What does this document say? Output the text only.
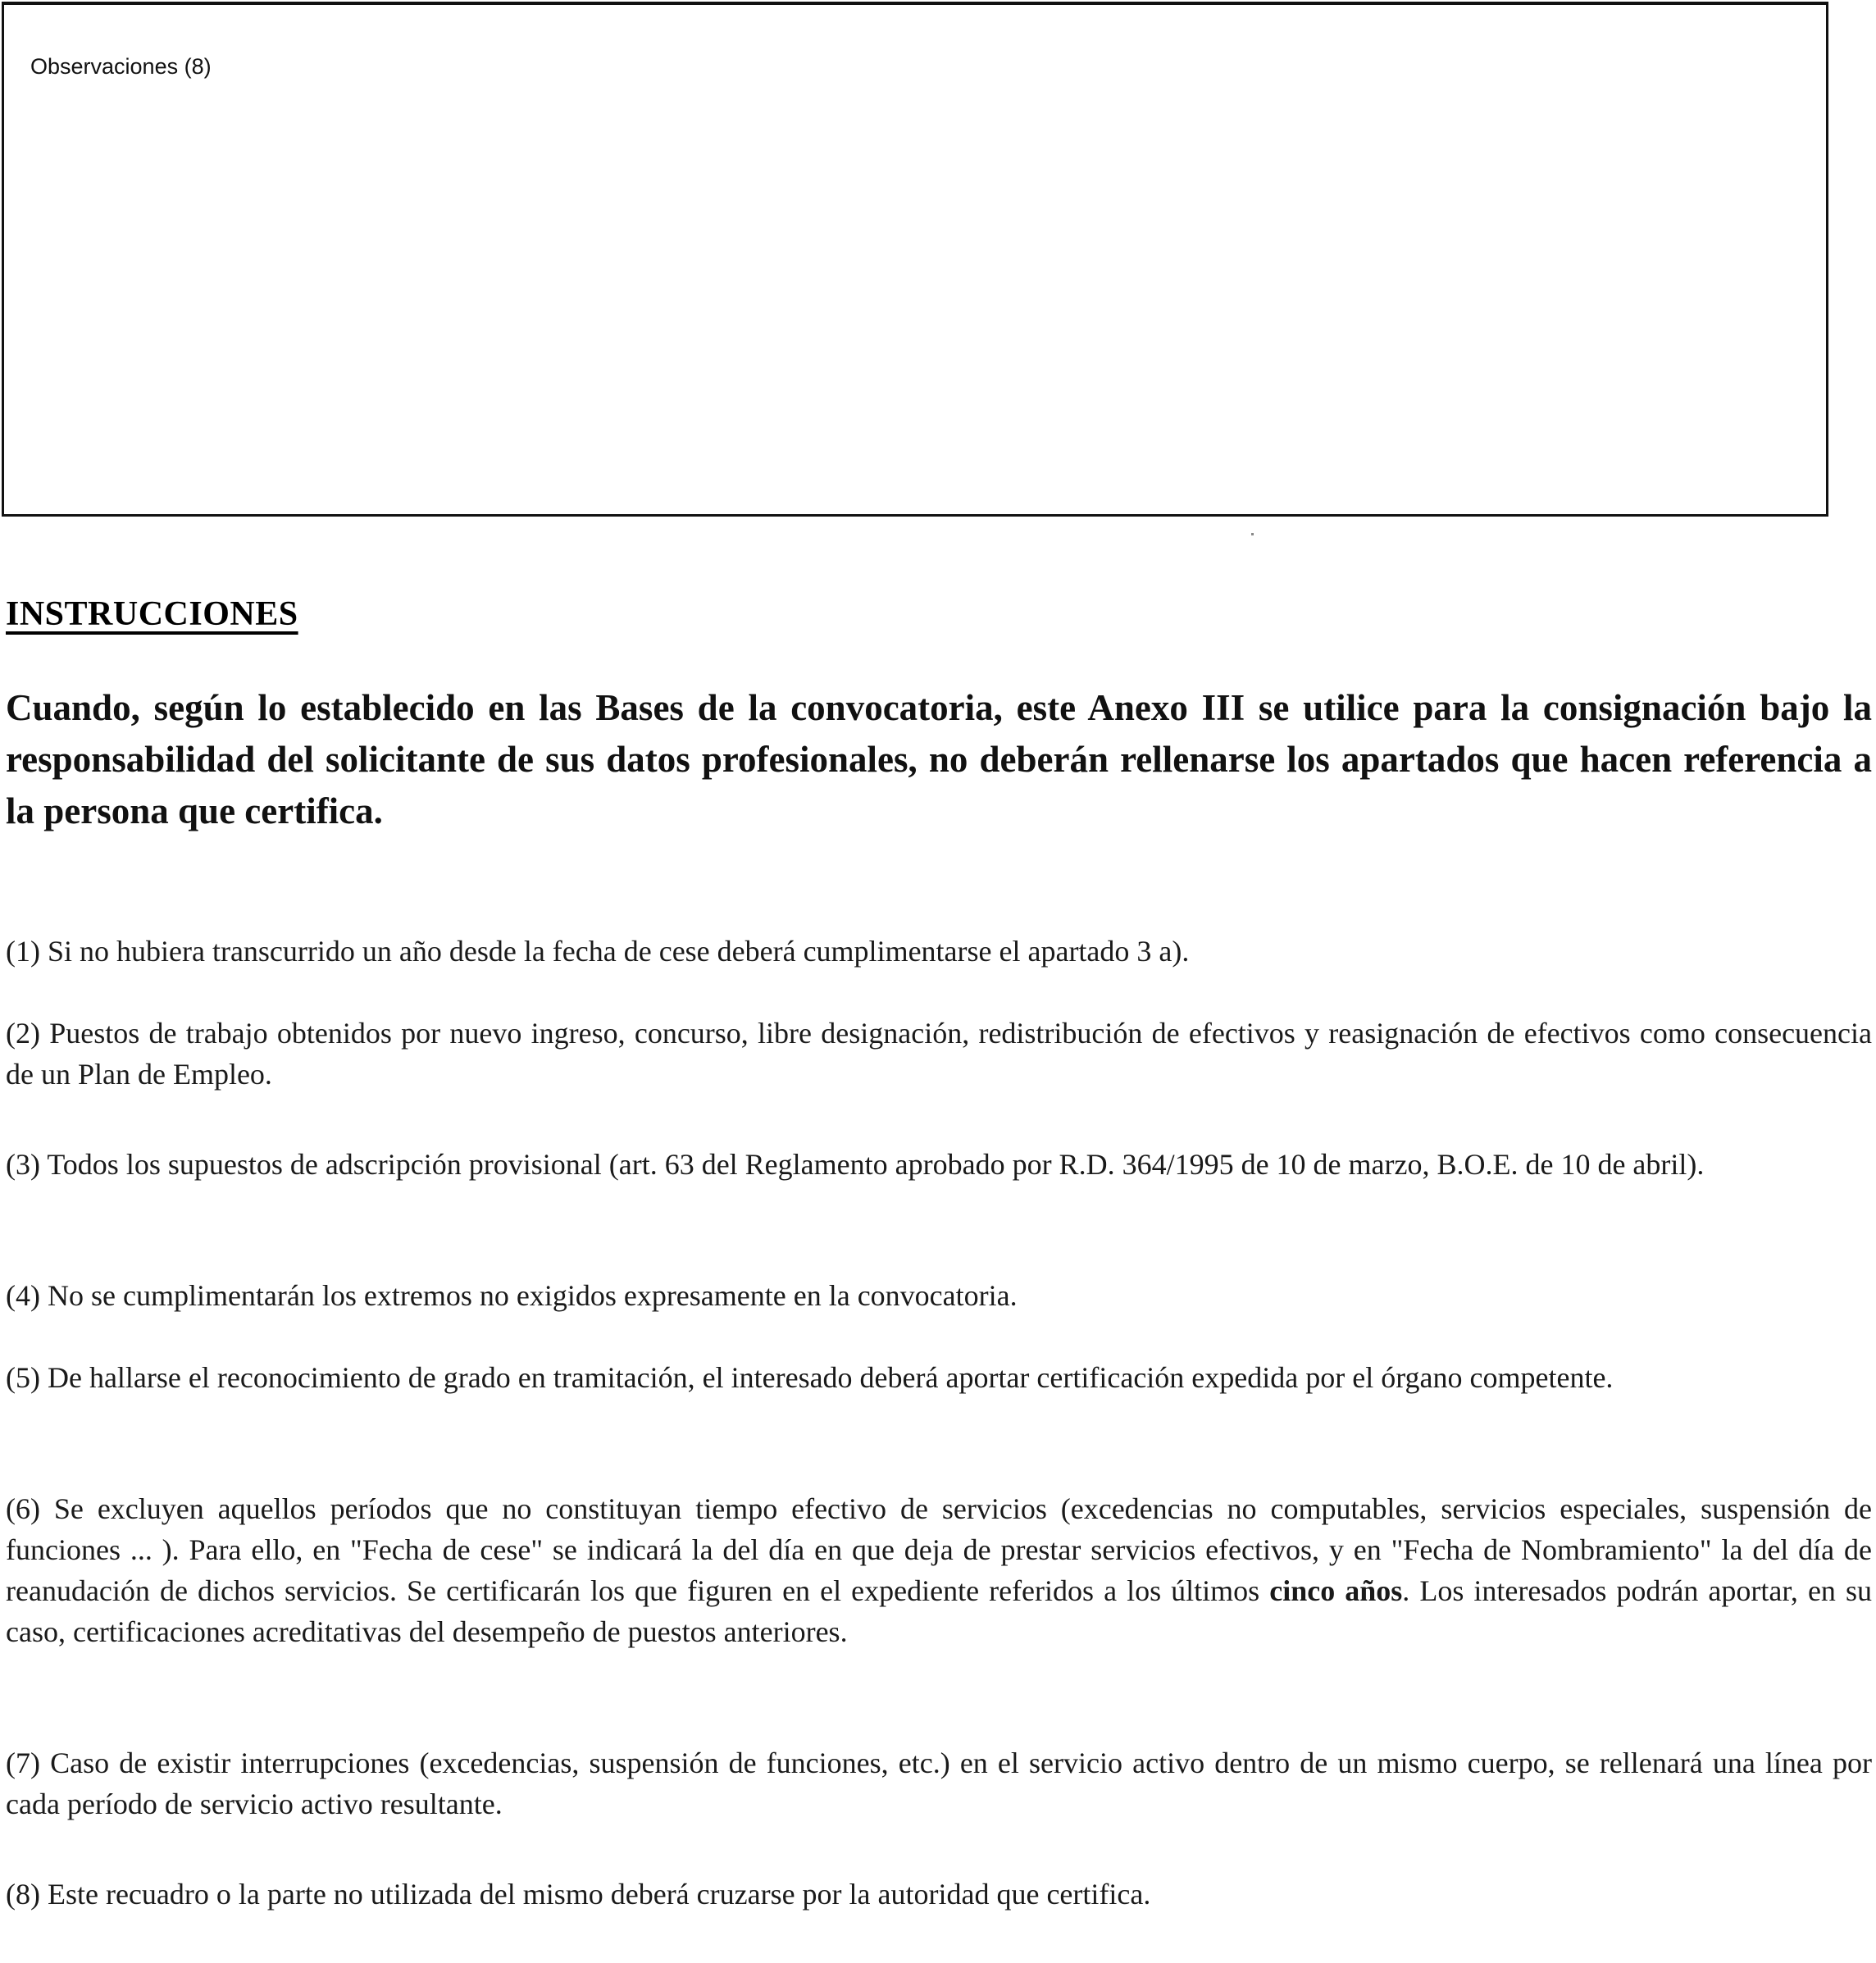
Observaciones (8)
INSTRUCCIONES
Cuando, según lo establecido en las Bases de la convocatoria, este Anexo III se utilice para la consignación bajo la responsabilidad del solicitante de sus datos profesionales, no deberán rellenarse los apartados que hacen referencia a la persona que certifica.

(1) Si no hubiera transcurrido un año desde la fecha de cese deberá cumplimentarse el apartado 3 a).

(2) Puestos de trabajo obtenidos por nuevo ingreso, concurso, libre designación, redistribución de efectivos y reasignación de efectivos como consecuencia de un Plan de Empleo.

(3) Todos los supuestos de adscripción provisional (art. 63 del Reglamento aprobado por R.D. 364/1995 de 10 de marzo, B.O.E. de 10 de abril).

(4) No se cumplimentarán los extremos no exigidos expresamente en la convocatoria.

(5) De hallarse el reconocimiento de grado en tramitación, el interesado deberá aportar certificación expedida por el órgano competente.

(6) Se excluyen aquellos períodos que no constituyan tiempo efectivo de servicios (excedencias no computables, servicios especiales, suspensión de funciones ... ). Para ello, en "Fecha de cese" se indicará la del día en que deja de prestar servicios efectivos, y en "Fecha de Nombramiento" la del día de reanudación de dichos servicios. Se certificarán los que figuren en el expediente referidos a los últimos cinco años. Los interesados podrán aportar, en su caso, certificaciones acreditativas del desempeño de puestos anteriores.

(7) Caso de existir interrupciones (excedencias, suspensión de funciones, etc.) en el servicio activo dentro de un mismo cuerpo, se rellenará una línea por cada período de servicio activo resultante.

(8) Este recuadro o la parte no utilizada del mismo deberá cruzarse por la autoridad que certifica.
